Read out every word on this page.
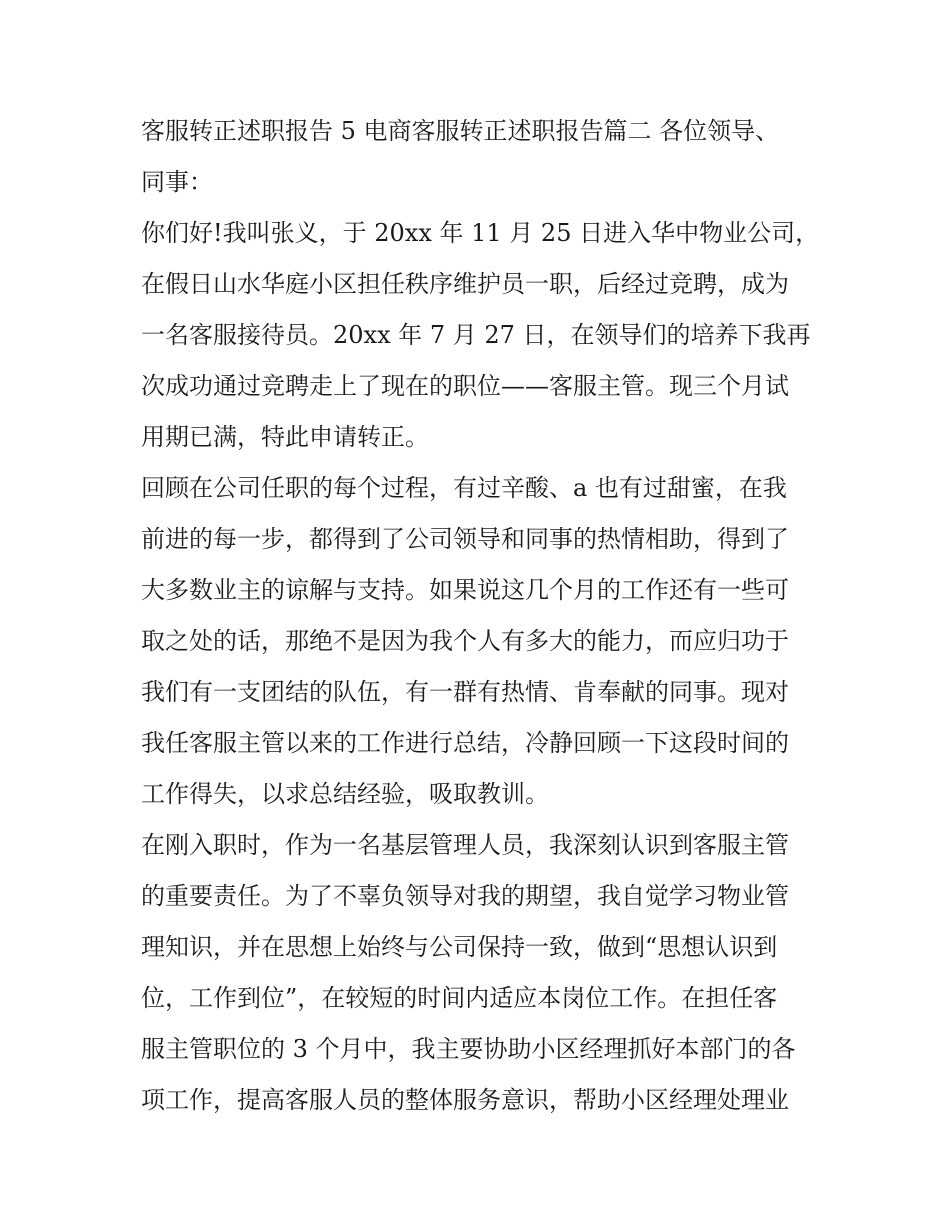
客服转正述职报告 5 电商客服转正述职报告篇二 各位领导、
同事：
你们好!我叫张义，于 20xx 年 11 月 25 日进入华中物业公司，
在假日山水华庭小区担任秩序维护员一职，后经过竞聘，成为
一名客服接待员。20xx 年 7 月 27 日，在领导们的培养下我再
次成功通过竞聘走上了现在的职位——客服主管。现三个月试
用期已满，特此申请转正。
回顾在公司任职的每个过程，有过辛酸、a 也有过甜蜜，在我
前进的每一步，都得到了公司领导和同事的热情相助，得到了
大多数业主的谅解与支持。如果说这几个月的工作还有一些可
取之处的话，那绝不是因为我个人有多大的能力，而应归功于
我们有一支团结的队伍，有一群有热情、肯奉献的同事。现对
我任客服主管以来的工作进行总结，冷静回顾一下这段时间的
工作得失，以求总结经验，吸取教训。
在刚入职时，作为一名基层管理人员，我深刻认识到客服主管
的重要责任。为了不辜负领导对我的期望，我自觉学习物业管
理知识，并在思想上始终与公司保持一致，做到“思想认识到
位，工作到位”，在较短的时间内适应本岗位工作。在担任客
服主管职位的 3 个月中，我主要协助小区经理抓好本部门的各
项工作，提高客服人员的整体服务意识，帮助小区经理处理业
